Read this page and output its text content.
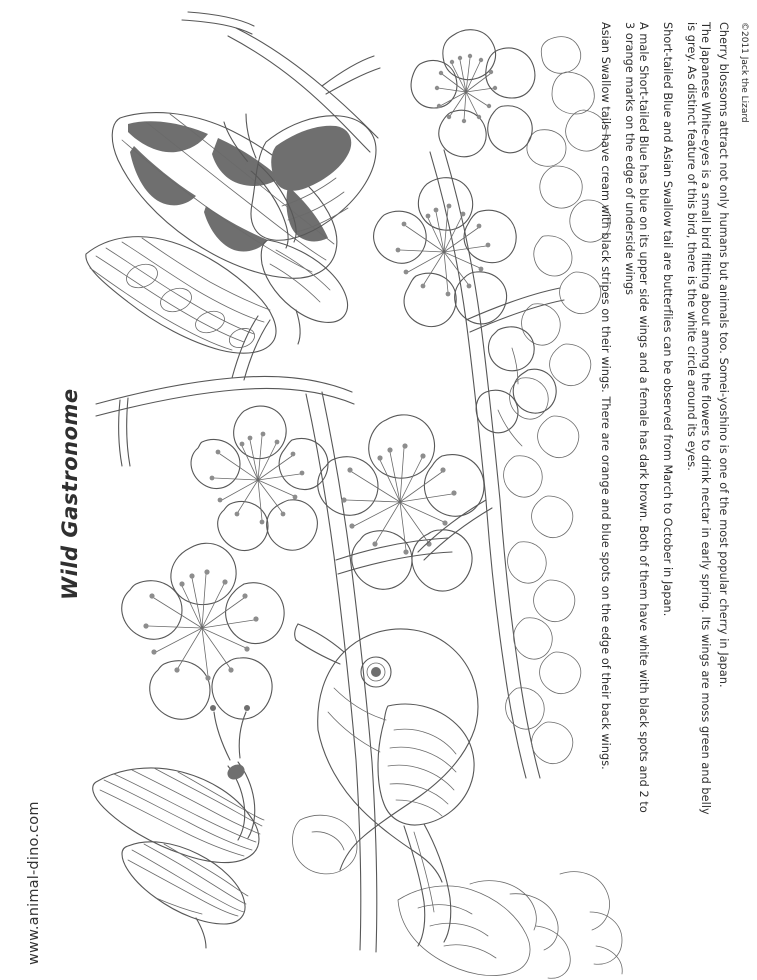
Wild Gastronome
www.animal-dino.com
©2011 Jack the Lizard
Cherry blossoms attract not only humans but animals too. Somei-yoshino is one of the most popular cherry in Japan.
The Japanese White-eyes is a small bird flitting about among the flowers to drink nectar in early spring. Its wings are moss green and belly
is grey. As distinct feature of this bird, there is the white circle around its eyes.
Short-tailed Blue and Asian Swallow tail are butterflies can be observed from March to October in Japan.
A male Short-tailed Blue has blue on its upper side wings and a female has dark brown. Both of them have white with black spots and 2 to
3 orange marks on the edge of underside wings
Asian Swallow tails have cream with black stripes on their wings. There are orange and blue spots on the edge of their back wings.
